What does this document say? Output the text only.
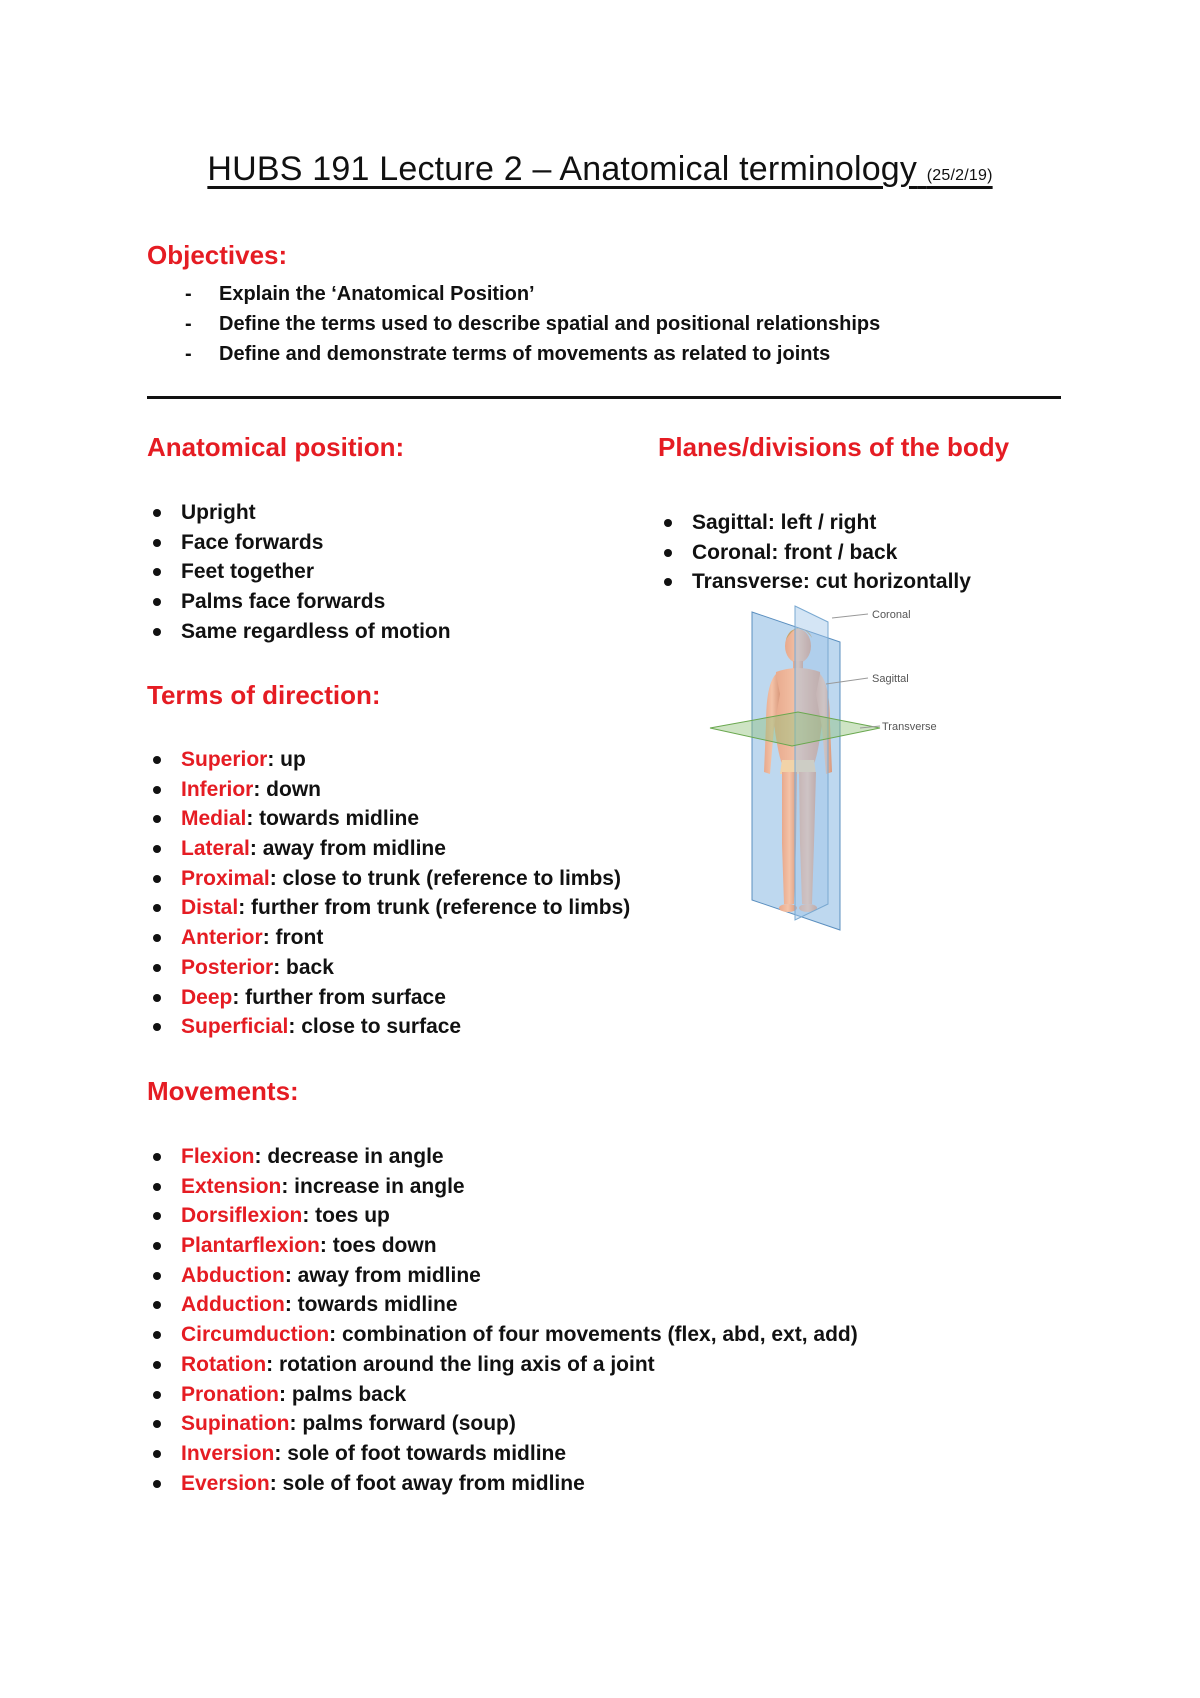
HUBS 191 Lecture 2 – Anatomical terminology (25/2/19)
Objectives:
- Explain the ‘Anatomical Position’
- Define the terms used to describe spatial and positional relationships
- Define and demonstrate terms of movements as related to joints
Anatomical position:
Upright
Face forwards
Feet together
Palms face forwards
Same regardless of motion
Planes/divisions of the body
Sagittal: left / right
Coronal: front / back
Transverse: cut horizontally
Coronal
Sagittal
Transverse
Terms of direction:
Superior: up
Inferior: down
Medial: towards midline
Lateral: away from midline
Proximal: close to trunk (reference to limbs)
Distal: further from trunk (reference to limbs)
Anterior: front
Posterior: back
Deep: further from surface
Superficial: close to surface
Movements:
Flexion: decrease in angle
Extension: increase in angle
Dorsiflexion: toes up
Plantarflexion: toes down
Abduction: away from midline
Adduction: towards midline
Circumduction: combination of four movements (flex, abd, ext, add)
Rotation: rotation around the ling axis of a joint
Pronation: palms back
Supination: palms forward (soup)
Inversion: sole of foot towards midline
Eversion: sole of foot away from midline
